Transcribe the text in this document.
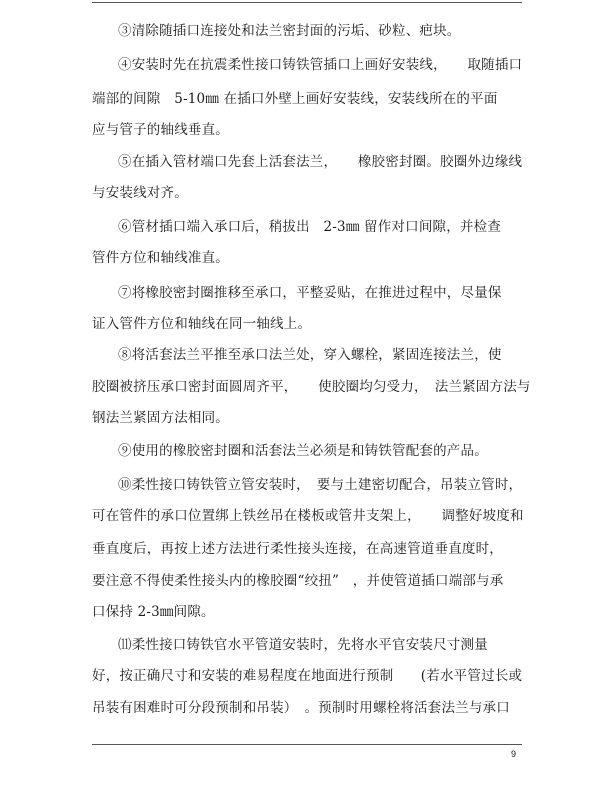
③清除随插口连接处和法兰密封面的污垢、砂粒、疤块。
④安装时先在抗震柔性接口铸铁管插口上画好安装线，　　取随插口
端部的间隙　5-10㎜ 在插口外壁上画好安装线，安装线所在的平面
应与管子的轴线垂直。
⑤在插入管材端口先套上活套法兰，　　橡胶密封圈。胶圈外边缘线
与安装线对齐。
⑥管材插口端入承口后，稍拔出　2-3㎜ 留作对口间隙，并检查
管件方位和轴线准直。
⑦将橡胶密封圈推移至承口，平整妥贴，在推进过程中，尽量保
证入管件方位和轴线在同一轴线上。
⑧将活套法兰平推至承口法兰处，穿入螺栓，紧固连接法兰，使
胶圈被挤压承口密封面圆周齐平，　　使胶圈均匀受力，　法兰紧固方法与
钢法兰紧固方法相同。
⑨使用的橡胶密封圈和活套法兰必须是和铸铁管配套的产品。
⑩柔性接口铸铁管立管安装时，　要与土建密切配合，吊装立管时，
可在管件的承口位置绑上铁丝吊在楼板或管井支架上，　　调整好坡度和
垂直度后，再按上述方法进行柔性接头连接，在高速管道垂直度时，
要注意不得使柔性接头内的橡胶圈“绞扭”　，并使管道插口端部与承
口保持 2-3㎜间隙。
⑾柔性接口铸铁官水平管道安装时，先将水平官安装尺寸测量
好，按正确尺寸和安装的难易程度在地面进行预制　　(若水平管过长或
吊装有困难时可分段预制和吊装）　。预制时用螺栓将活套法兰与承口
9
